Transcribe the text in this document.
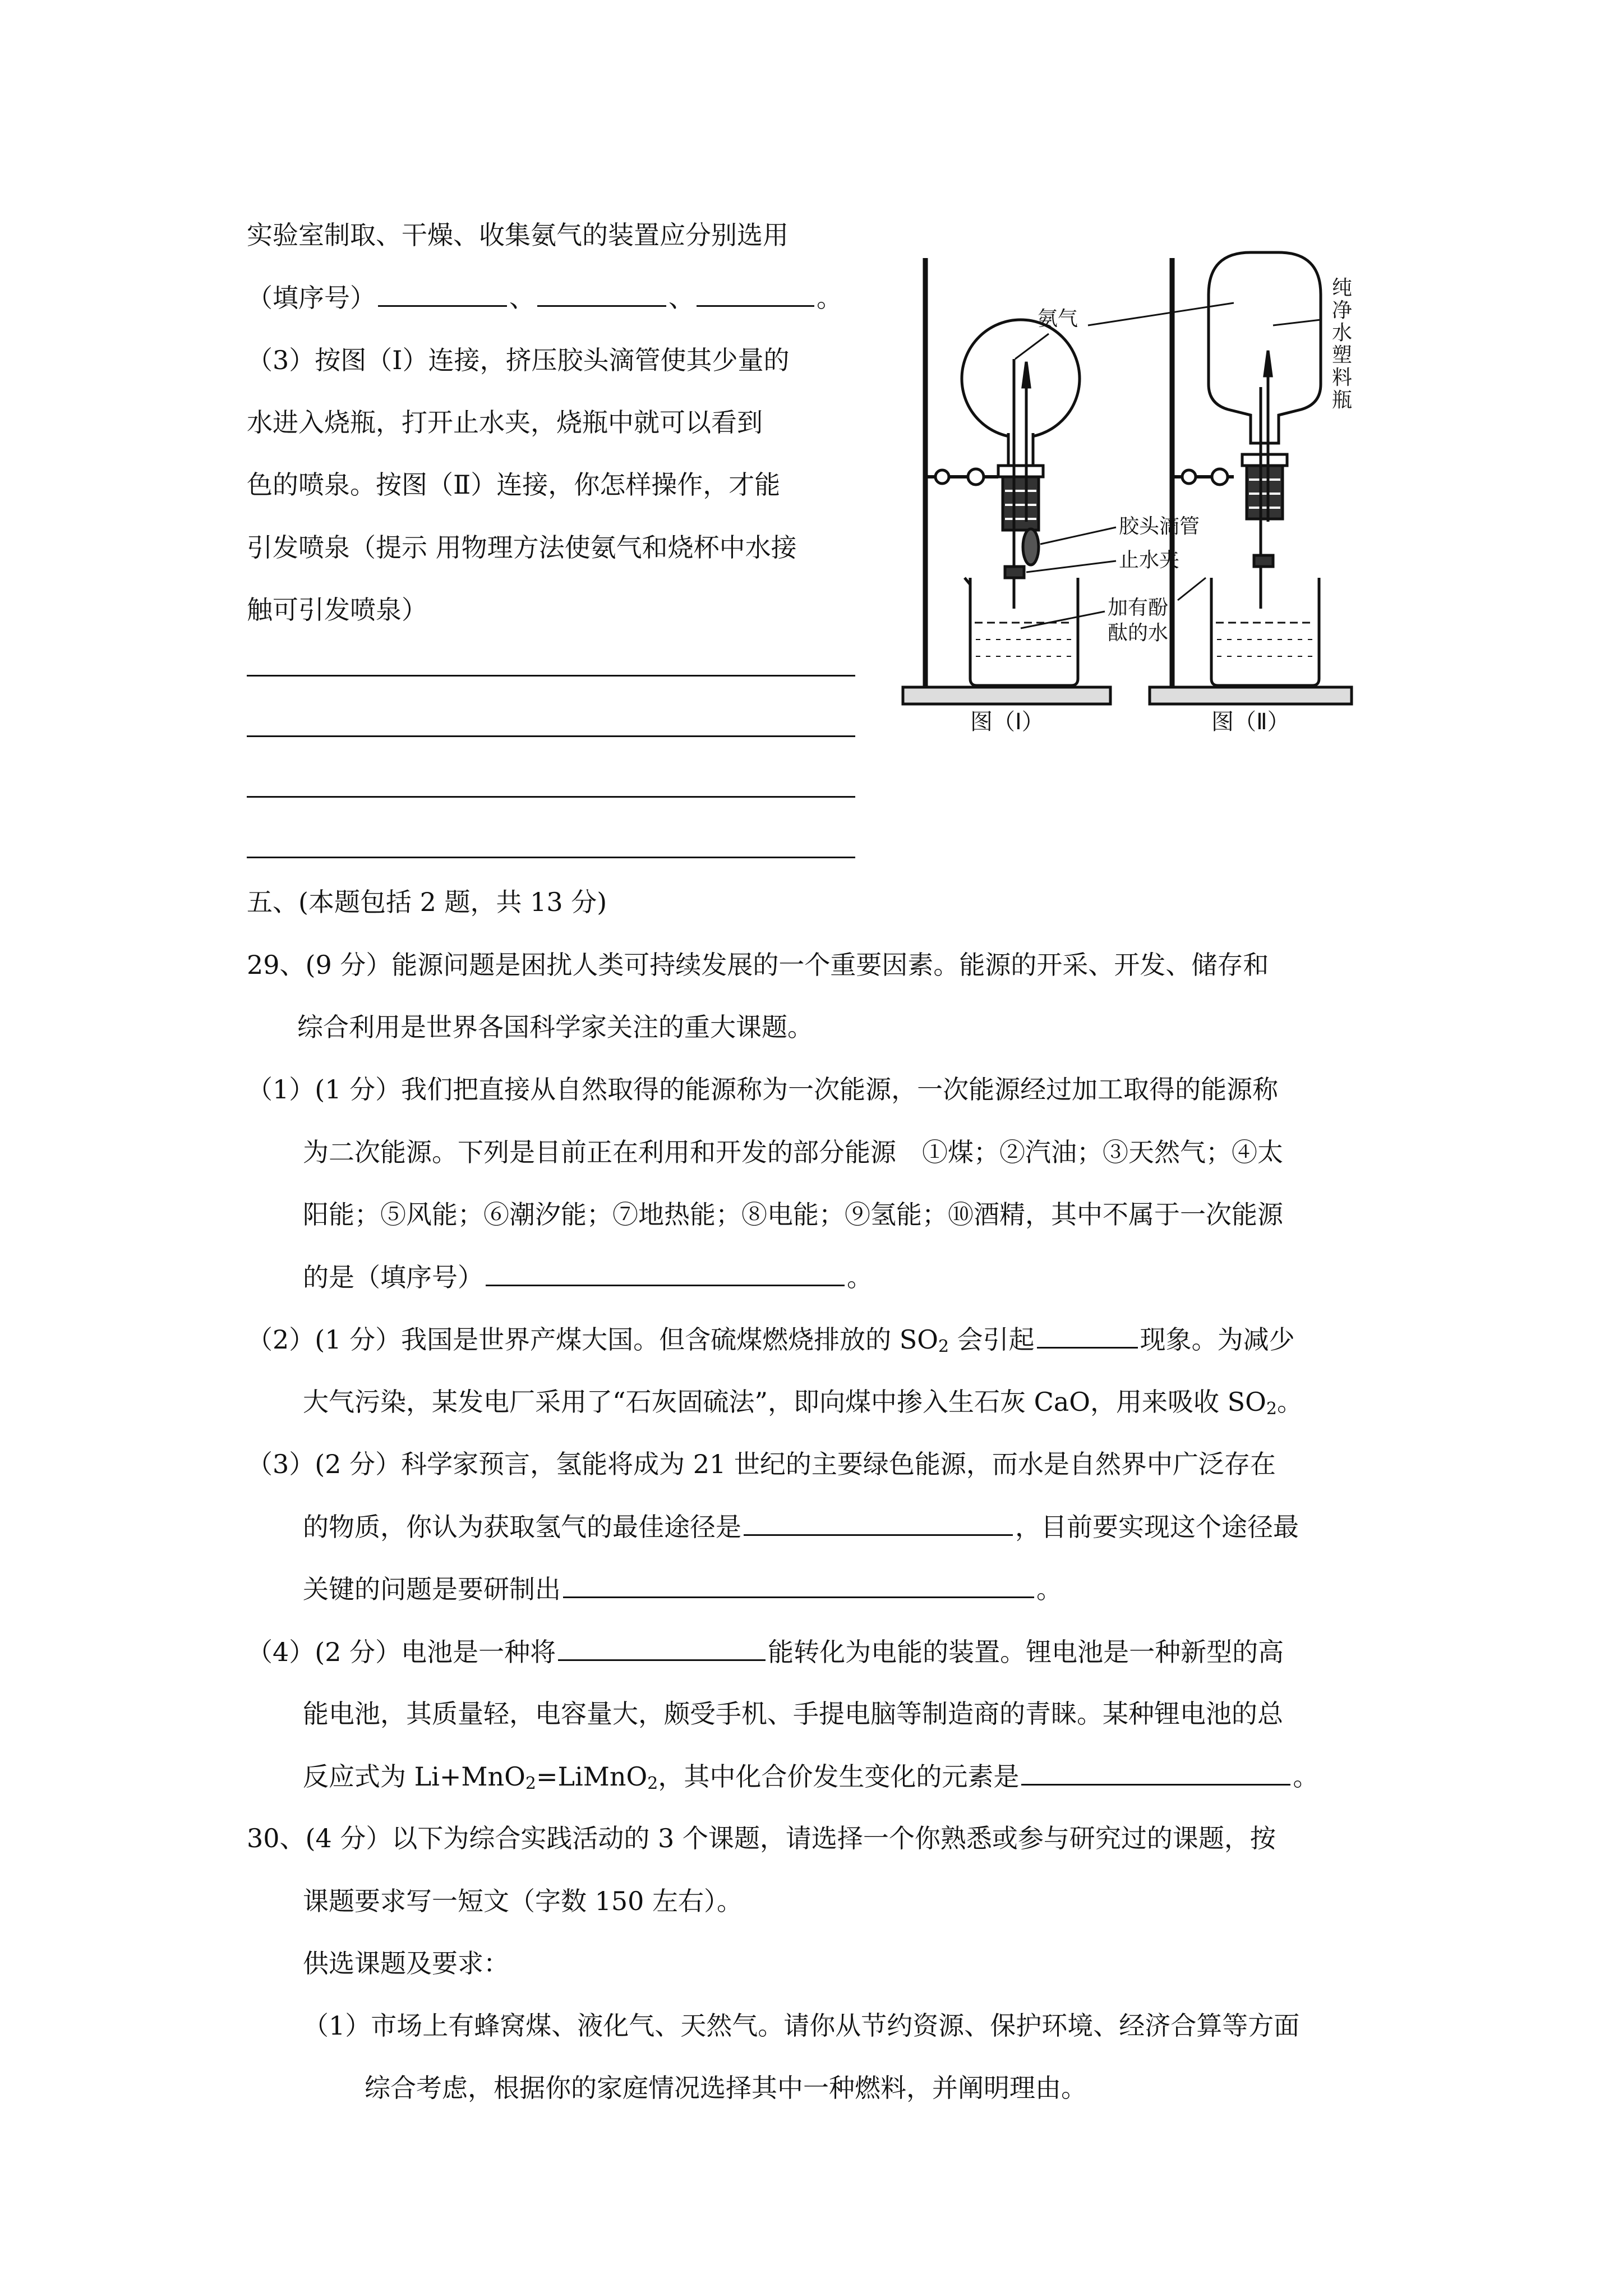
实验室制取、干燥、收集氨气的装置应分别选用
（填序号）	、	、	。
（3）按图（Ⅰ）连接，挤压胶头滴管使其少量的
水进入烧瓶，打开止水夹，烧瓶中就可以看到
色的喷泉。按图（Ⅱ）连接，你怎样操作，才能
引发喷泉（提示 用物理方法使氨气和烧杯中水接
触可引发喷泉）
氨气
纯
净
水
塑
料
瓶
胶头滴管
止水夹
加有酚
酞的水
图（Ⅰ）	图（Ⅱ）
五、(本题包括 2 题，共 13 分)
29、(9 分）能源问题是困扰人类可持续发展的一个重要因素。能源的开采、开发、储存和
综合利用是世界各国科学家关注的重大课题。
（1）(1 分）我们把直接从自然取得的能源称为一次能源，一次能源经过加工取得的能源称
为二次能源。下列是目前正在利用和开发的部分能源　①煤；②汽油；③天然气；④太
阳能；⑤风能；⑥潮汐能；⑦地热能；⑧电能；⑨氢能；⑩酒精，其中不属于一次能源
的是（填序号）	。
（2）(1 分）我国是世界产煤大国。但含硫煤燃烧排放的 $SO_2$ 会引起	现象。为减少
大气污染，某发电厂采用了“石灰固硫法”，即向煤中掺入生石灰 CaO，用来吸收 $SO_2$。
（3）(2 分）科学家预言，氢能将成为 21 世纪的主要绿色能源，而水是自然界中广泛存在
的物质，你认为获取氢气的最佳途径是	，目前要实现这个途径最
关键的问题是要研制出	。
（4）(2 分）电池是一种将	能转化为电能的装置。锂电池是一种新型的高
能电池，其质量轻，电容量大，颇受手机、手提电脑等制造商的青睐。某种锂电池的总
反应式为 Li+MnO$_2$=LiMnO$_2$，其中化合价发生变化的元素是	。
30、(4 分）以下为综合实践活动的 3 个课题，请选择一个你熟悉或参与研究过的课题，按
课题要求写一短文（字数 150 左右）。
供选课题及要求：
（1）市场上有蜂窝煤、液化气、天然气。请你从节约资源、保护环境、经济合算等方面
综合考虑，根据你的家庭情况选择其中一种燃料，并阐明理由。
